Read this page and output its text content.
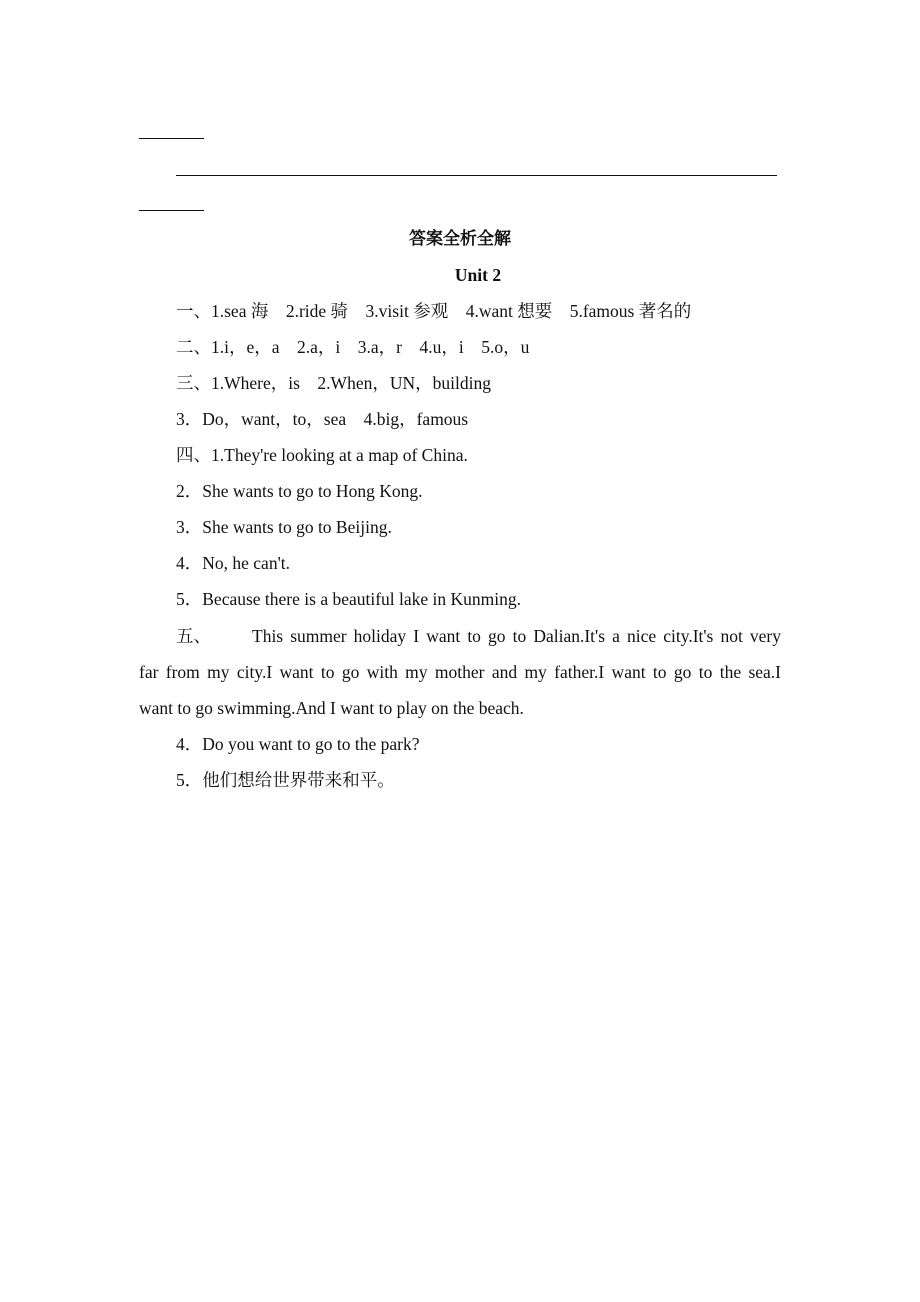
答案全析全解
Unit 2
一、1.sea 海　2.ride 骑　3.visit 参观　4.want 想要　5.famous 著名的
二、1.i，e，a　2.a，i　3.a，r　4.u，i　5.o，u
三、1.Where，is　2.When，UN，building
3．Do，want，to，sea　4.big，famous
四、1.They're looking at a map of China.
2．She wants to go to Hong Kong.
3．She wants to go to Beijing.
4．No, he can't.
5．Because there is a beautiful lake in Kunming.
五、 This summer holiday I want to go to Dalian.It's a nice city.It's not very
far from my city.I want to go with my mother and my father.I want to go to the sea.I
want to go swimming.And I want to play on the beach.
4．Do you want to go to the park?
5．他们想给世界带来和平。
